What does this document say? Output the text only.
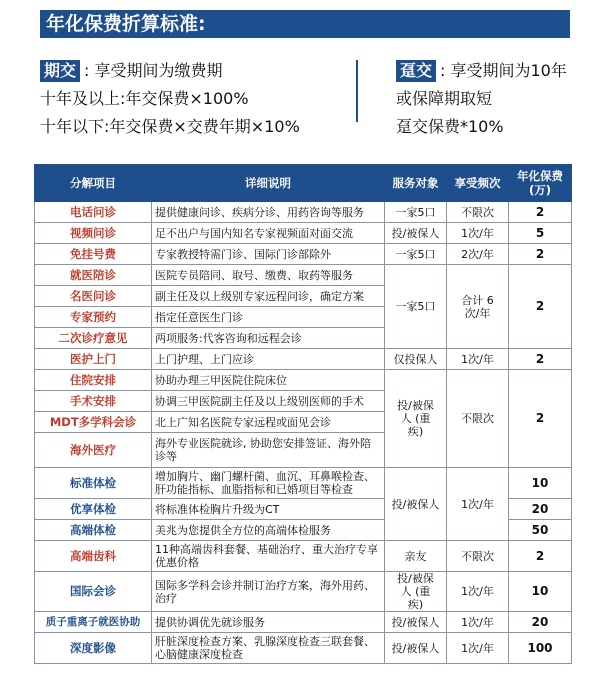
年化保费折算标准:
期交 : 享受期间为缴费期
十年及以上:年交保费×100%
十年以下:年交保费×交费年期×10%
趸交 : 享受期间为10年
或保障期取短
趸交保费*10%
分解项目	详细说明	服务对象	享受频次	年化保费(万)
电话问诊	提供健康问诊、疾病分诊、用药咨询等服务	一家5口	不限次	2
视频问诊	足不出户与国内知名专家视频面对面交流	投/被保人	1次/年	5
免挂号费	专家教授特需门诊、国际门诊部除外	一家5口	2次/年	2
就医陪诊	医院专员陪同、取号、缴费、取药等服务	一家5口	合计 6次/年	2
名医问诊	副主任及以上级别专家远程问诊，确定方案			
专家预约	指定任意医生门诊			
二次诊疗意见	两项服务:代客咨询和远程会诊			
医护上门	上门护理、上门应诊	仅投保人	1次/年	2
住院安排	协助办理三甲医院住院床位	投/被保人 (重疾)	不限次	2
手术安排	协调三甲医院副主任及以上级别医师的手术			
MDT多学科会诊	北上广知名医院专家远程或面见会诊			
海外医疗	海外专业医院就诊, 协助您安排签证、海外陪诊等			
标准体检	增加胸片、幽门螺杆菌、血沉、耳鼻喉检查、肝功能指标、血脂指标和已婚项目等检查	投/被保人	1次/年	10
优享体检	将标准体检胸片升级为CT			20
高端体检	美兆为您提供全方位的高端体检服务			50
高端齿科	11种高端齿科套餐、基础治疗、重大治疗专享优惠价格	亲友	不限次	2
国际会诊	国际多学科会诊并制订治疗方案，海外用药、治疗	投/被保人 (重疾)	1次/年	10
质子重离子就医协助	提供协调优先就诊服务	投/被保人	1次/年	20
深度影像	肝脏深度检查方案、乳腺深度检查三联套餐、心脑健康深度检查	投/被保人	1次/年	100
